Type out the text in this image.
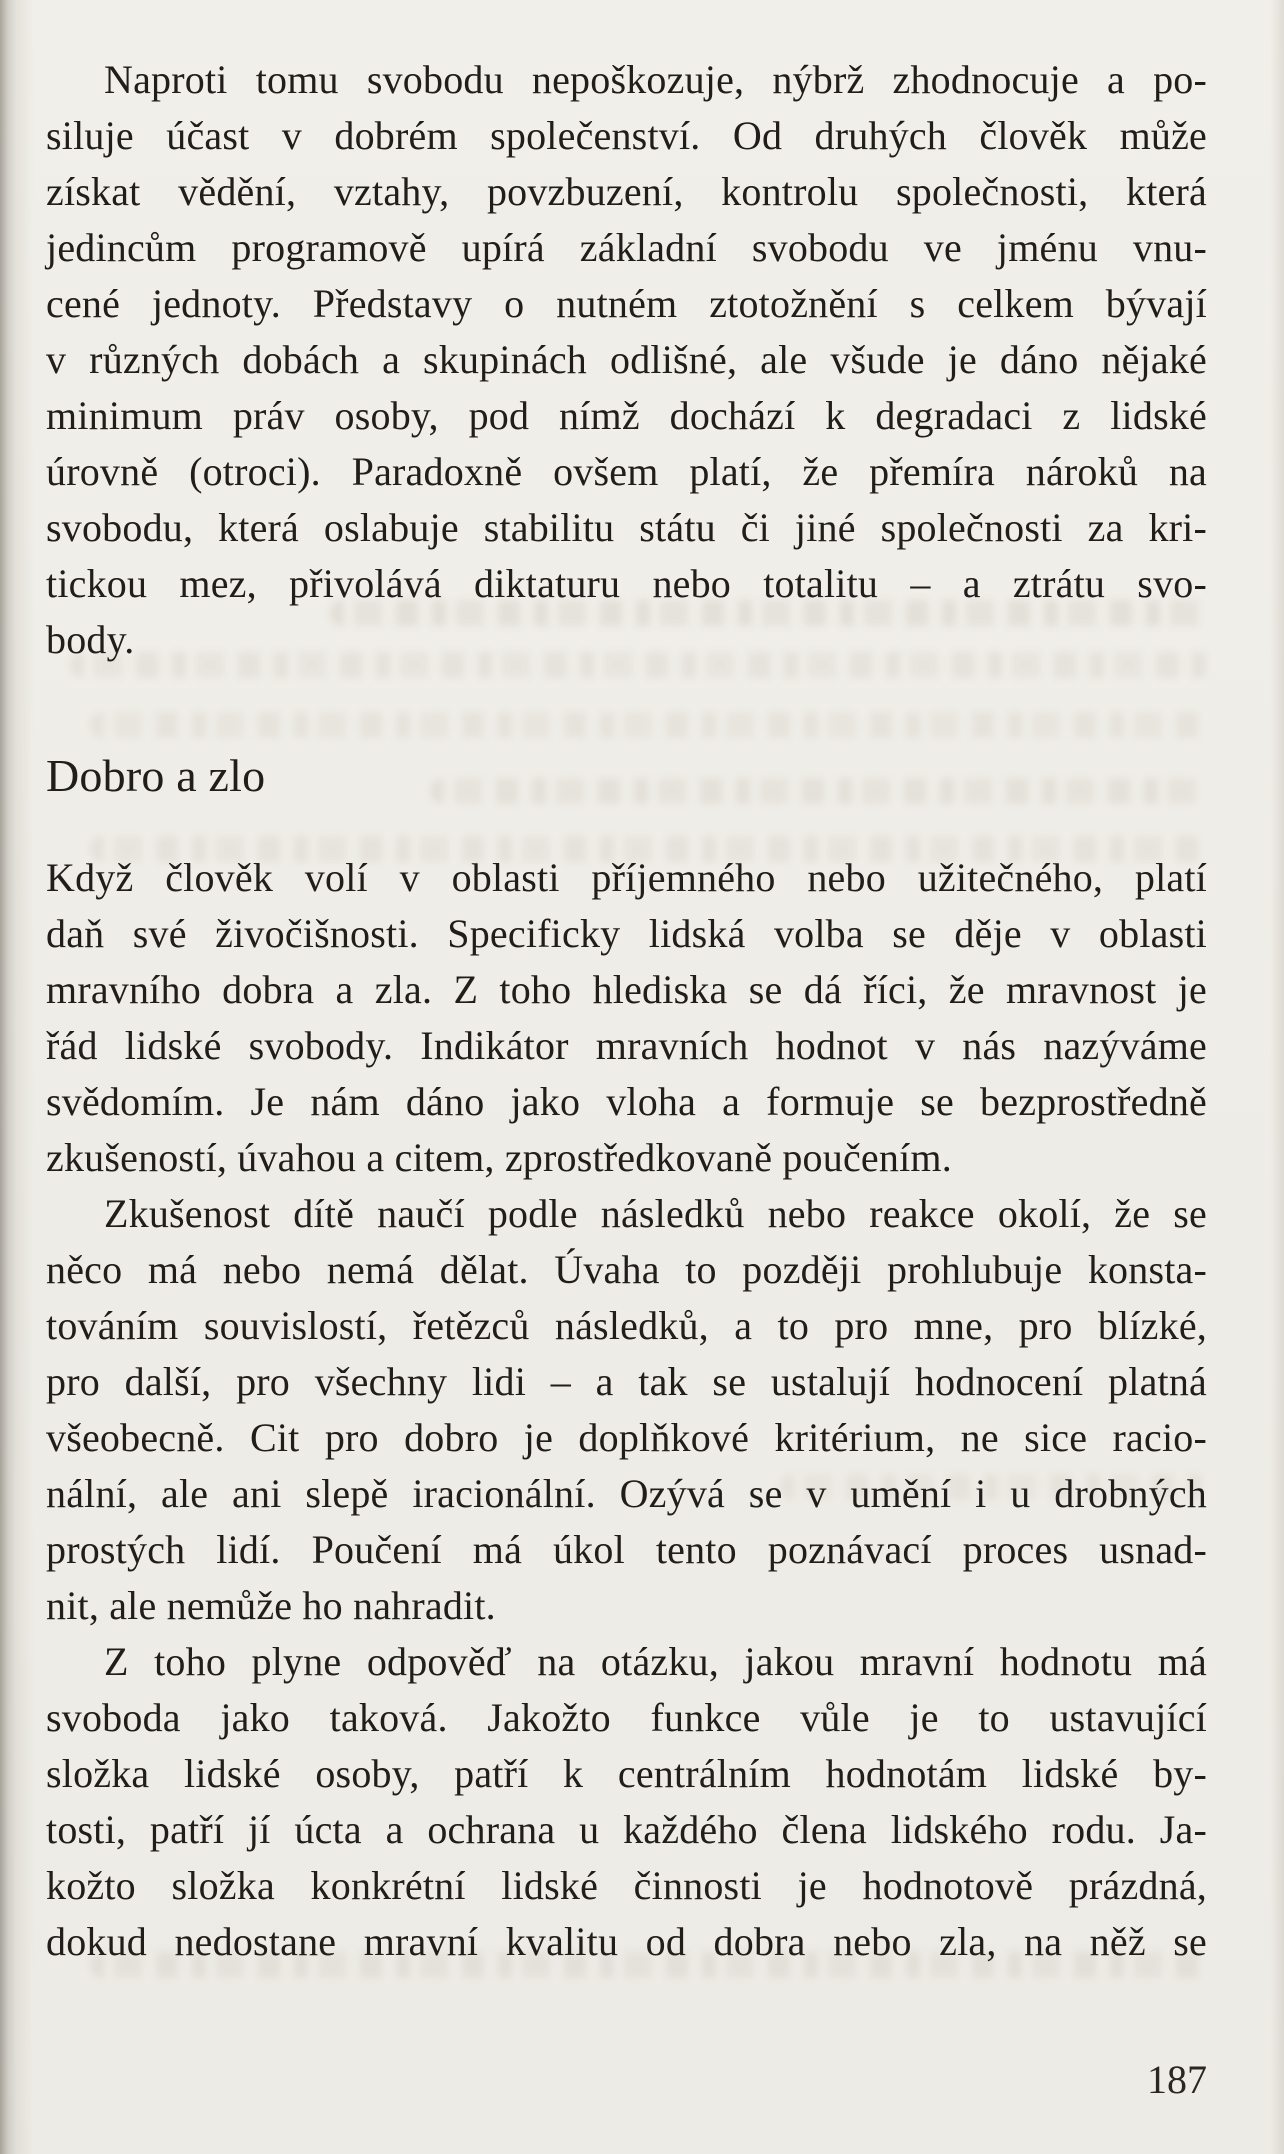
Naproti tomu svobodu nepoškozuje, nýbrž zhodnocuje a po-
siluje účast v dobrém společenství. Od druhých člověk může
získat vědění, vztahy, povzbuzení, kontrolu společnosti, která
jedincům programově upírá základní svobodu ve jménu vnu-
cené jednoty. Představy o nutném ztotožnění s celkem bývají
v různých dobách a skupinách odlišné, ale všude je dáno nějaké
minimum práv osoby, pod nímž dochází k degradaci z lidské
úrovně (otroci). Paradoxně ovšem platí, že přemíra nároků na
svobodu, která oslabuje stabilitu státu či jiné společnosti za kri-
tickou mez, přivolává diktaturu nebo totalitu – a ztrátu svo-
body.

Dobro a zlo

Když člověk volí v oblasti příjemného nebo užitečného, platí
daň své živočišnosti. Specificky lidská volba se děje v oblasti
mravního dobra a zla. Z toho hlediska se dá říci, že mravnost je
řád lidské svobody. Indikátor mravních hodnot v nás nazýváme
svědomím. Je nám dáno jako vloha a formuje se bezprostředně
zkušeností, úvahou a citem, zprostředkovaně poučením.

Zkušenost dítě naučí podle následků nebo reakce okolí, že se
něco má nebo nemá dělat. Úvaha to později prohlubuje konsta-
továním souvislostí, řetězců následků, a to pro mne, pro blízké,
pro další, pro všechny lidi – a tak se ustalují hodnocení platná
všeobecně. Cit pro dobro je doplňkové kritérium, ne sice racio-
nální, ale ani slepě iracionální. Ozývá se v umění i u drobných
prostých lidí. Poučení má úkol tento poznávací proces usnad-
nit, ale nemůže ho nahradit.

Z toho plyne odpověď na otázku, jakou mravní hodnotu má
svoboda jako taková. Jakožto funkce vůle je to ustavující
složka lidské osoby, patří k centrálním hodnotám lidské by-
tosti, patří jí úcta a ochrana u každého člena lidského rodu. Ja-
kožto složka konkrétní lidské činnosti je hodnotově prázdná,
dokud nedostane mravní kvalitu od dobra nebo zla, na něž se

187
